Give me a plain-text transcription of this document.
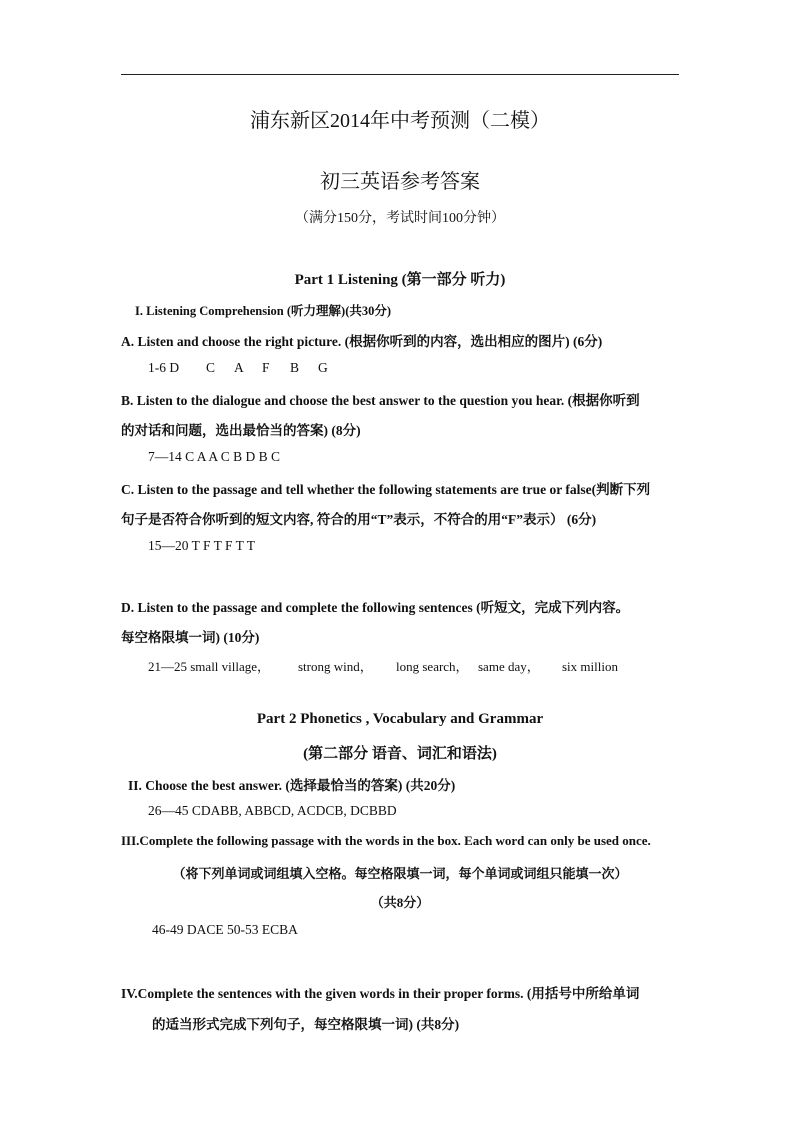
浦东新区2014年中考预测（二模）
初三英语参考答案
（满分150分，考试时间100分钟）
Part 1 Listening (第一部分 听力)
I. Listening Comprehension (听力理解)(共30分)
A. Listen and choose the right picture. (根据你听到的内容，选出相应的图片) (6分)
1-6 D C A F B G
B. Listen to the dialogue and choose the best answer to the question you hear. (根据你听到
的对话和问题，选出最恰当的答案) (8分)
7—14 C A A C B D B C
C. Listen to the passage and tell whether the following statements are true or false(判断下列
句子是否符合你听到的短文内容, 符合的用“T”表示，不符合的用“F”表示） (6分)
15—20 T F T F T T
D. Listen to the passage and complete the following sentences (听短文，完成下列内容。
每空格限填一词) (10分)
21—25 small village， strong wind， long search， same day， six million
Part 2 Phonetics , Vocabulary and Grammar
(第二部分 语音、词汇和语法)
II. Choose the best answer. (选择最恰当的答案) (共20分)
26—45 CDABB, ABBCD, ACDCB, DCBBD
III.Complete the following passage with the words in the box. Each word can only be used once.
（将下列单词或词组填入空格。每空格限填一词，每个单词或词组只能填一次）
（共8分）
46-49 DACE 50-53 ECBA
IV.Complete the sentences with the given words in their proper forms. (用括号中所给单词
的适当形式完成下列句子，每空格限填一词) (共8分)
